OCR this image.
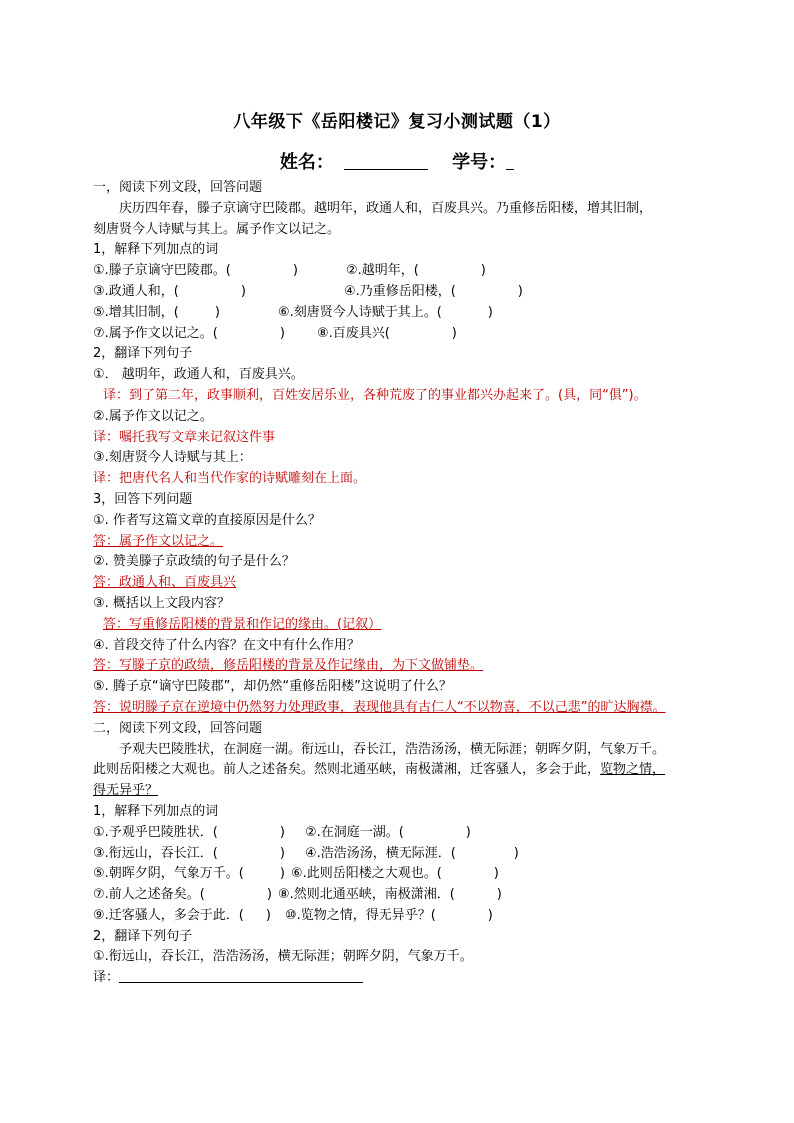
八年级下《岳阳楼记》复习小测试题（1）
姓名：	学号：
一，阅读下列文段，回答问题
庆历四年春，滕子京谪守巴陵郡。越明年，政通人和，百废具兴。乃重修岳阳楼，增其旧制，
刻唐贤今人诗赋与其上。属予作文以记之。
1，解释下列加点的词
①.滕子京谪守巴陵郡。(	)	②.越明年，(	)
③.政通人和，(	)	④.乃重修岳阳楼，(	)
⑤.增其旧制，(	)	⑥.刻唐贤今人诗赋于其上。(	)
⑦.属予作文以记之。(	) ⑧.百废具兴(	)
2，翻译下列句子
①． 越明年，政通人和，百废具兴。
译：到了第二年，政事顺利，百姓安居乐业，各种荒废了的事业都兴办起来了。(具，同“俱”)。
②.属予作文以记之。
译：嘱托我写文章来记叙这件事
③.刻唐贤今人诗赋与其上：
译：把唐代名人和当代作家的诗赋雕刻在上面。
3，回答下列问题
①. 作者写这篇文章的直接原因是什么？
答：属予作文以记之。
②. 赞美滕子京政绩的句子是什么？
答：政通人和、百废具兴
③. 概括以上文段内容？
答：写重修岳阳楼的背景和作记的缘由。(记叙）
④. 首段交待了什么内容？在文中有什么作用？
答：写滕子京的政绩，修岳阳楼的背景及作记缘由，为下文做铺垫。
⑤. 腾子京“谪守巴陵郡”，却仍然“重修岳阳楼”这说明了什么？
答：说明滕子京在逆境中仍然努力处理政事，表现他具有古仁人“不以物喜，不以己悲”的旷达胸襟。
二，阅读下列文段，回答问题
予观夫巴陵胜状，在洞庭一湖。衔远山，吞长江，浩浩汤汤，横无际涯；朝晖夕阴，气象万千。
此则岳阳楼之大观也。前人之述备矣。然则北通巫峡，南极潇湘，迁客骚人，多会于此，览物之情，
得无异乎？
1，解释下列加点的词
①.予观乎巴陵胜状．(	) ②.在洞庭一湖。(	)
③.衔远山，吞长江．(	) ④.浩浩汤汤，横无际涯．(	)
⑤.朝晖夕阴，气象万千。(	) ⑥.此则岳阳楼之大观也。(	)
⑦.前人之述备矣。(	) ⑧.然则北通巫峡，南极潇湘．(	)
⑨.迁客骚人，多会于此．( ) ⑩.览物之情，得无异乎？(	)
2，翻译下列句子
①.衔远山，吞长江，浩浩汤汤，横无际涯；朝晖夕阴，气象万千。
译：
